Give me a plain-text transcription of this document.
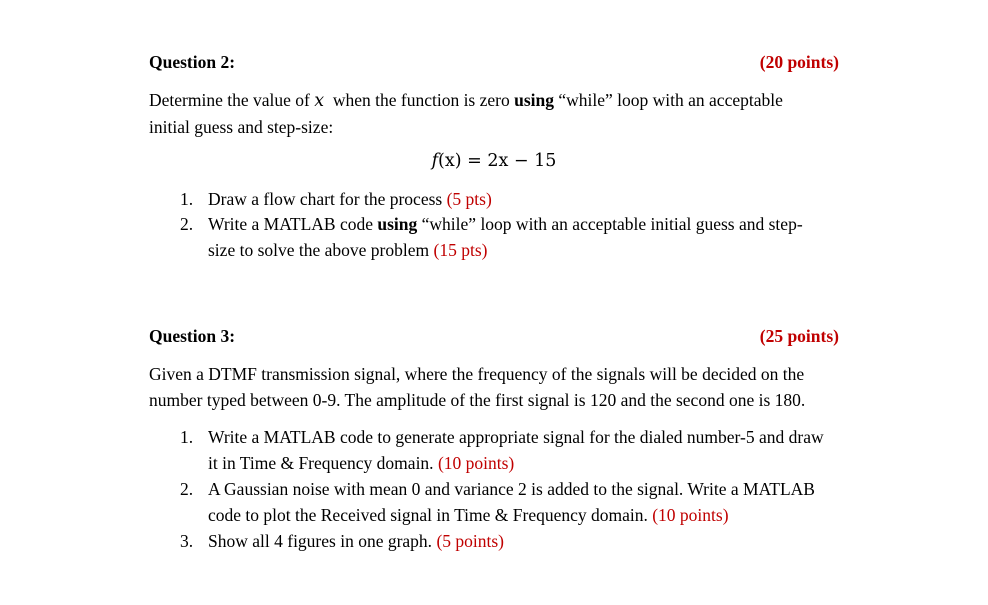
Question 2:	(20 points)
Determine the value of x  when the function is zero using “while” loop with an acceptable
initial guess and step-size:
f(x) = 2x − 15
1. Draw a flow chart for the process (5 pts)
2. Write a MATLAB code using “while” loop with an acceptable initial guess and step-
size to solve the above problem (15 pts)
Question 3:	(25 points)
Given a DTMF transmission signal, where the frequency of the signals will be decided on the
number typed between 0-9. The amplitude of the first signal is 120 and the second one is 180.
1. Write a MATLAB code to generate appropriate signal for the dialed number-5 and draw
it in Time & Frequency domain. (10 points)
2. A Gaussian noise with mean 0 and variance 2 is added to the signal. Write a MATLAB
code to plot the Received signal in Time & Frequency domain. (10 points)
3. Show all 4 figures in one graph. (5 points)
